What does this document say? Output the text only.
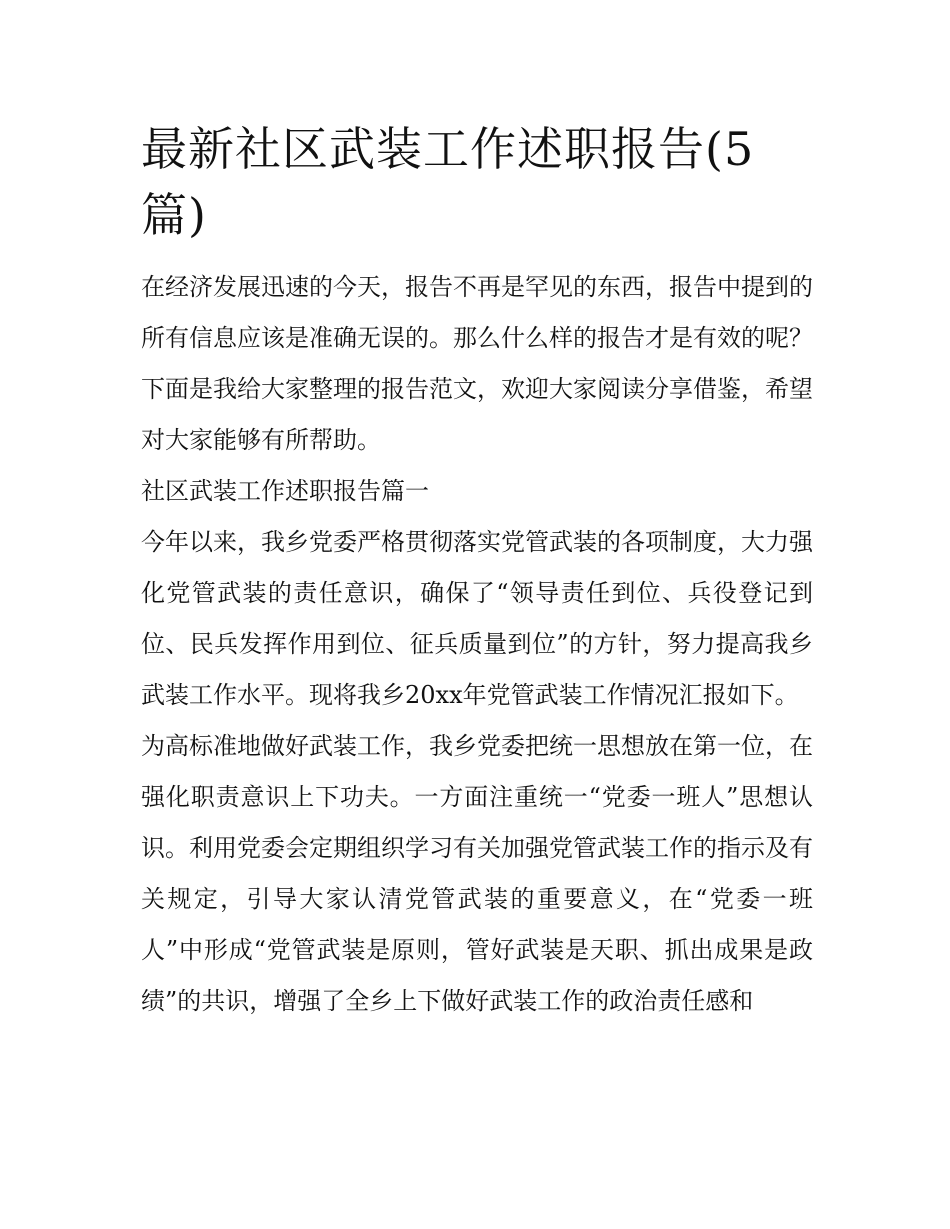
最新社区武装工作述职报告(5篇)

在经济发展迅速的今天，报告不再是罕见的东西，报告中提到的所有信息应该是准确无误的。那么什么样的报告才是有效的呢？下面是我给大家整理的报告范文，欢迎大家阅读分享借鉴，希望对大家能够有所帮助。

社区武装工作述职报告篇一

今年以来，我乡党委严格贯彻落实党管武装的各项制度，大力强化党管武装的责任意识，确保了“领导责任到位、兵役登记到位、民兵发挥作用到位、征兵质量到位”的方针，努力提高我乡武装工作水平。现将我乡20xx年党管武装工作情况汇报如下。

为高标准地做好武装工作，我乡党委把统一思想放在第一位，在强化职责意识上下功夫。一方面注重统一“党委一班人”思想认识。利用党委会定期组织学习有关加强党管武装工作的指示及有关规定，引导大家认清党管武装的重要意义，在“党委一班人”中形成“党管武装是原则，管好武装是天职、抓出成果是政绩”的共识，增强了全乡上下做好武装工作的政治责任感和
